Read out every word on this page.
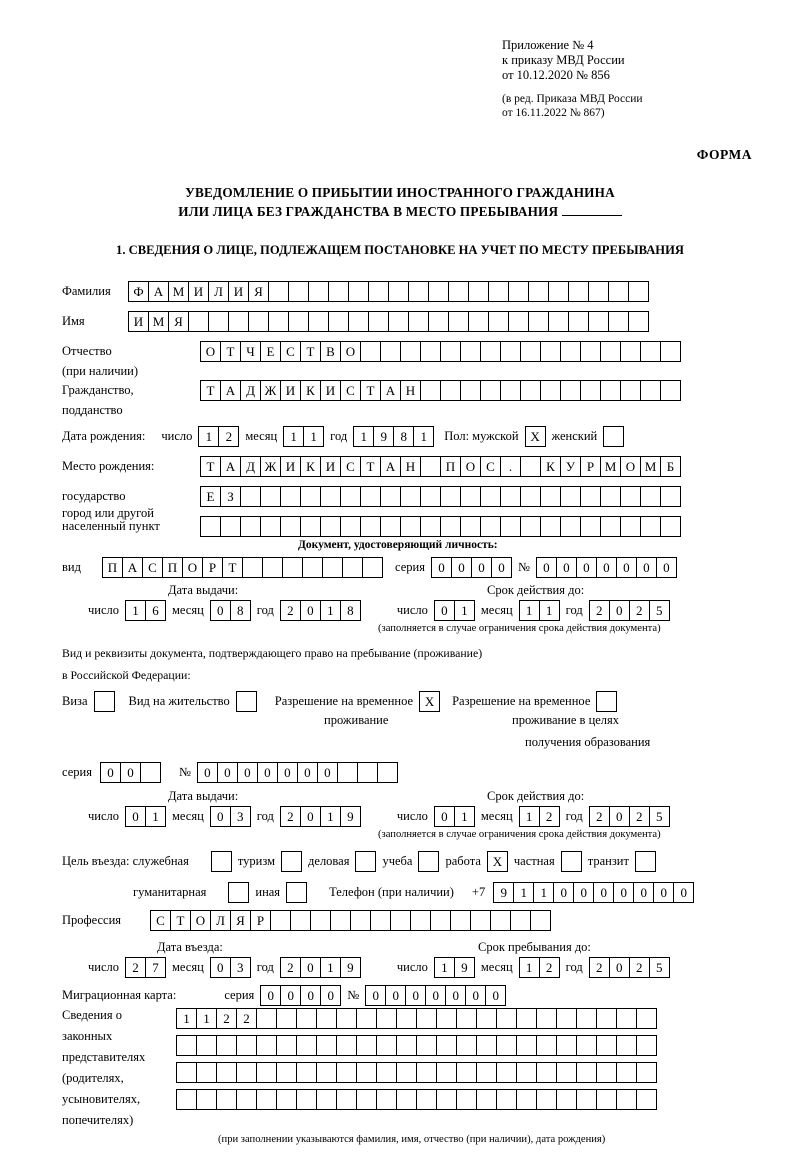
Приложение № 4
к приказу МВД России
от 10.12.2020 № 856
(в ред. Приказа МВД России
от 16.11.2022 № 867)
ФОРМА
УВЕДОМЛЕНИЕ О ПРИБЫТИИ ИНОСТРАННОГО ГРАЖДАНИНА
ИЛИ ЛИЦА БЕЗ ГРАЖДАНСТВА В МЕСТО ПРЕБЫВАНИЯ
1. СВЕДЕНИЯ О ЛИЦЕ, ПОДЛЕЖАЩЕМ ПОСТАНОВКЕ НА УЧЕТ ПО МЕСТУ ПРЕБЫВАНИЯ
Фамилия	Ф А М И Л И Я
Имя	И М Я
Отчество	О Т Ч Е С Т В О
(при наличии)
Гражданство,	Т А Д Ж И К И С Т А Н
подданство
Дата рождения: число	1	2	месяц	1	1	год	1	9	8	1	Пол: мужской X женский
Место рождения:	Т А Д Ж И К И С Т А Н	П О С	.	К У Р М О М Б
государство	Е З
город или другой
населенный пункт
Документ, удостоверяющий личность:
вид	П А С П О Р Т	серия	0	0	0	0	№	0	0	0	0	0	0	0
Дата выдачи:	Срок действия до:
число	1	6	месяц	0	8	год	2	0	1	8	число	0	1	месяц	1	1	год	2	0	2	5
(заполняется в случае ограничения срока действия документа)
Вид и реквизиты документа, подтверждающего право на пребывание (проживание)
в Российской Федерации:
Виза	Вид на жительство	Разрешение на временное X	Разрешение на временное
проживание	проживание в целях
получения образования
серия	0	0	№	0	0	0	0	0	0	0
Дата выдачи:	Срок действия до:
число	0	1	месяц	0	3	год	2	0	1	9	число	0	1	месяц	1	2	год	2	0	2	5
(заполняется в случае ограничения срока действия документа)
Цель въезда: служебная	туризм	деловая	учеба	работа X частная	транзит
гуманитарная	иная	Телефон (при наличии) +7	9	1	1	0	0	0	0	0	0	0
Профессия	С Т О Л Я Р
Дата въезда:	Срок пребывания до:
число	2	7	месяц	0	3	год	2	0	1	9	число	1	9	месяц	1	2	год	2	0	2	5
Миграционная карта:	серия	0	0	0	0	№	0	0	0	0	0	0	0
Сведения о
законных
представителях
(родителях,
усыновителях,
попечителях)
1	1	2	2
(при заполнении указываются фамилия, имя, отчество (при наличии), дата рождения)
